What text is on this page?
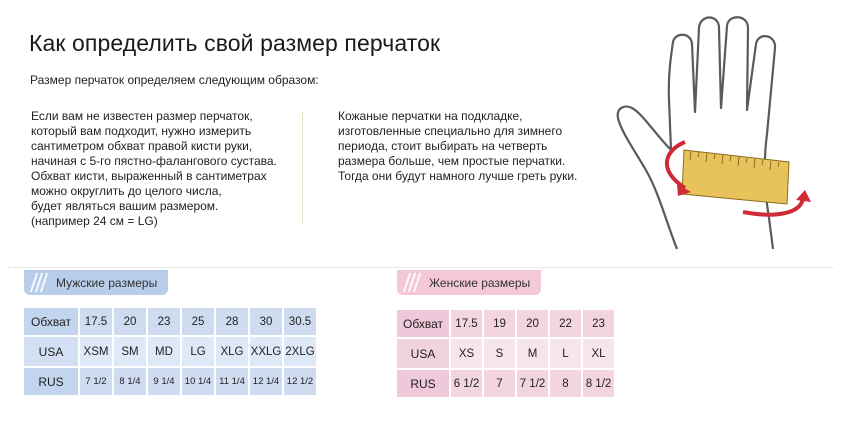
Как определить свой размер перчаток
Размер перчаток определяем следующим образом:
Если вам не известен размер перчаток,
который вам подходит, нужно измерить
сантиметром обхват правой кисти руки,
начиная с 5-го пястно-фалангового сустава.
Обхват кисти, выраженный в сантиметрах
можно округлить до целого числа,
будет являться вашим размером.
(например 24 см = LG)
Кожаные перчатки на подкладке,
изготовленные специально для зимнего
периода, стоит выбирать на четверть
размера больше, чем простые перчатки.
Тогда они будут намного лучше греть руки.
Мужские размеры
Обхват	17.5	20	23	25	28	30	30.5
USA	XSM	SM	MD	LG	XLG	XXLG	2XLG
RUS	7 1/2	8 1/4	9 1/4	10 1/4	11 1/4	12 1/4	12 1/2
Женские размеры
Обхват	17.5	19	20	22	23
USA	XS	S	M	L	XL
RUS	6 1/2	7	7 1/2	8	8 1/2
